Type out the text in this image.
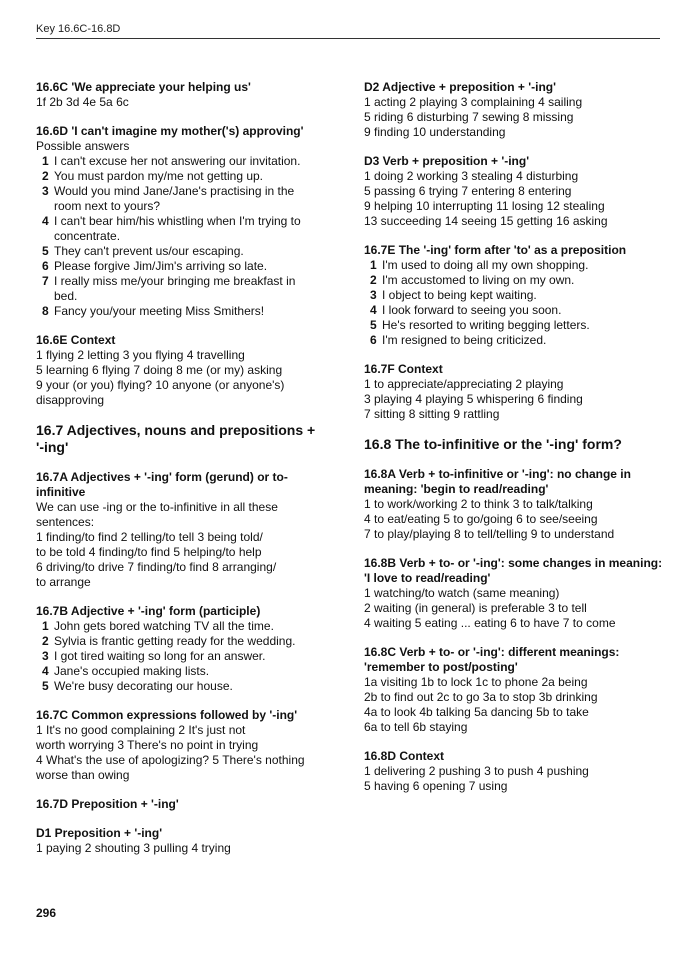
Key 16.6C-16.8D
16.6C 'We appreciate your helping us'
1f 2b 3d 4e 5a 6c
16.6D 'I can't imagine my mother('s) approving'
Possible answers
1 I can't excuse her not answering our invitation.
2 You must pardon my/me not getting up.
3 Would you mind Jane/Jane's practising in the room next to yours?
4 I can't bear him/his whistling when I'm trying to concentrate.
5 They can't prevent us/our escaping.
6 Please forgive Jim/Jim's arriving so late.
7 I really miss me/your bringing me breakfast in bed.
8 Fancy you/your meeting Miss Smithers!
16.6E Context
1 flying 2 letting 3 you flying 4 travelling
5 learning 6 flying 7 doing 8 me (or my) asking
9 your (or you) flying? 10 anyone (or anyone's)
disapproving
16.7 Adjectives, nouns and prepositions + '-ing'
16.7A Adjectives + '-ing' form (gerund) or to-infinitive
We can use -ing or the to-infinitive in all these
sentences:
1 finding/to find 2 telling/to tell 3 being told/
to be told 4 finding/to find 5 helping/to help
6 driving/to drive 7 finding/to find 8 arranging/
to arrange
16.7B Adjective + '-ing' form (participle)
1 John gets bored watching TV all the time.
2 Sylvia is frantic getting ready for the wedding.
3 I got tired waiting so long for an answer.
4 Jane's occupied making lists.
5 We're busy decorating our house.
16.7C Common expressions followed by '-ing'
1 It's no good complaining 2 It's just not
worth worrying 3 There's no point in trying
4 What's the use of apologizing? 5 There's nothing
worse than owing
16.7D Preposition + '-ing'
D1 Preposition + '-ing'
1 paying 2 shouting 3 pulling 4 trying
D2 Adjective + preposition + '-ing'
1 acting 2 playing 3 complaining 4 sailing
5 riding 6 disturbing 7 sewing 8 missing
9 finding 10 understanding
D3 Verb + preposition + '-ing'
1 doing 2 working 3 stealing 4 disturbing
5 passing 6 trying 7 entering 8 entering
9 helping 10 interrupting 11 losing 12 stealing
13 succeeding 14 seeing 15 getting 16 asking
16.7E The '-ing' form after 'to' as a preposition
1 I'm used to doing all my own shopping.
2 I'm accustomed to living on my own.
3 I object to being kept waiting.
4 I look forward to seeing you soon.
5 He's resorted to writing begging letters.
6 I'm resigned to being criticized.
16.7F Context
1 to appreciate/appreciating 2 playing
3 playing 4 playing 5 whispering 6 finding
7 sitting 8 sitting 9 rattling
16.8 The to-infinitive or the '-ing' form?
16.8A Verb + to-infinitive or '-ing': no change in meaning: 'begin to read/reading'
1 to work/working 2 to think 3 to talk/talking
4 to eat/eating 5 to go/going 6 to see/seeing
7 to play/playing 8 to tell/telling 9 to understand
16.8B Verb + to- or '-ing': some changes in meaning: 'I love to read/reading'
1 watching/to watch (same meaning)
2 waiting (in general) is preferable 3 to tell
4 waiting 5 eating ... eating 6 to have 7 to come
16.8C Verb + to- or '-ing': different meanings: 'remember to post/posting'
1a visiting 1b to lock 1c to phone 2a being
2b to find out 2c to go 3a to stop 3b drinking
4a to look 4b talking 5a dancing 5b to take
6a to tell 6b staying
16.8D Context
1 delivering 2 pushing 3 to push 4 pushing
5 having 6 opening 7 using
296
